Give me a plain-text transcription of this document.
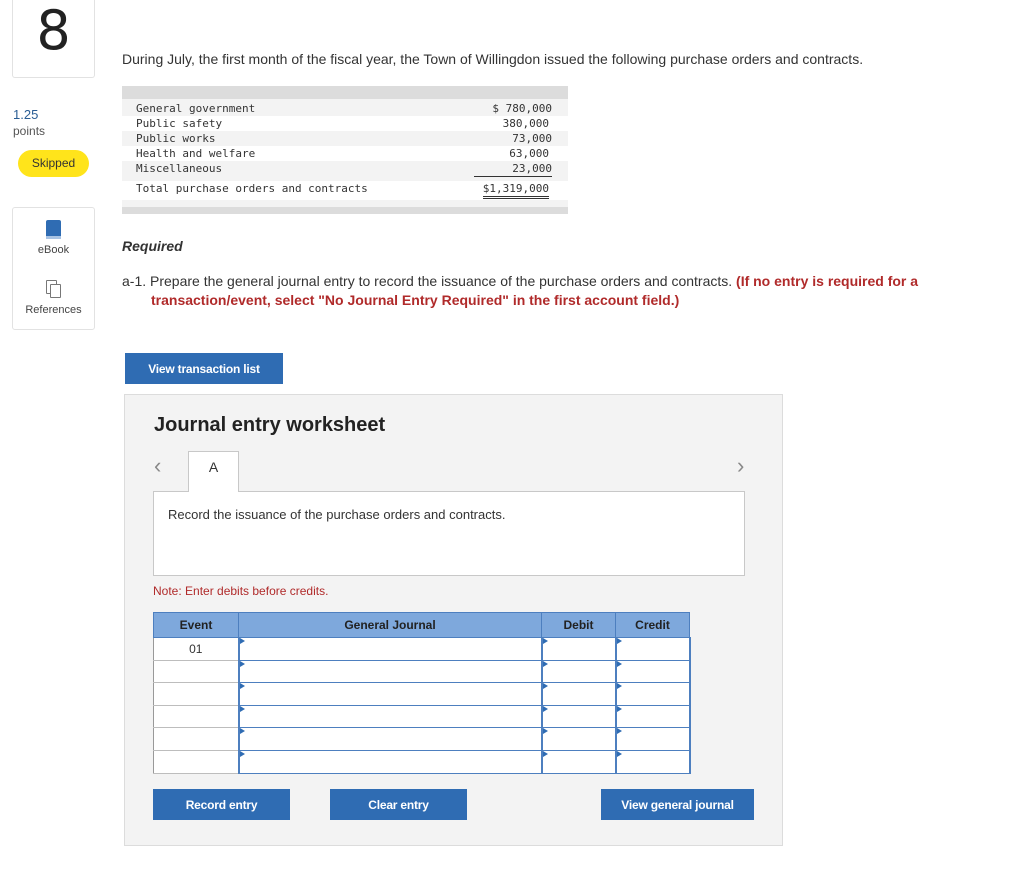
8
1.25
points
Skipped
eBook
References
During July, the first month of the fiscal year, the Town of Willingdon issued the following purchase orders and contracts.
General government	$ 780,000
Public safety	380,000
Public works	73,000
Health and welfare	63,000
Miscellaneous	23,000
Total purchase orders and contracts	$1,319,000
Required
a-1. Prepare the general journal entry to record the issuance of the purchase orders and contracts. (If no entry is required for a
transaction/event, select "No Journal Entry Required" in the first account field.)
View transaction list
Journal entry worksheet
‹	A	›
Record the issuance of the purchase orders and contracts.
Note: Enter debits before credits.
Event	General Journal	Debit	Credit
01			

Record entry	Clear entry	View general journal
